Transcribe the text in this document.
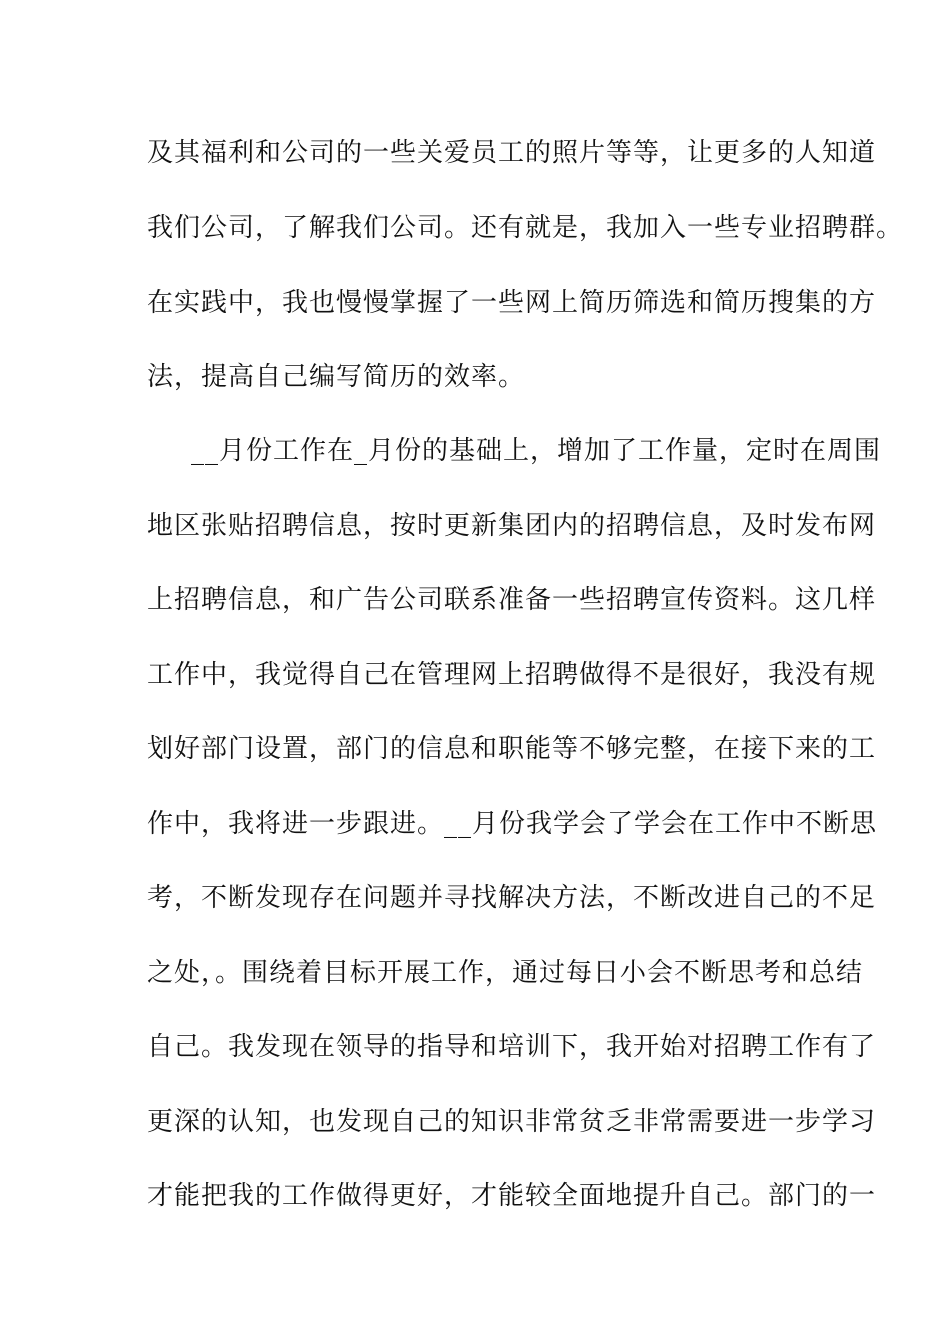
及其福利和公司的一些关爱员工的照片等等，让更多的人知道
我们公司，了解我们公司。还有就是，我加入一些专业招聘群。
在实践中，我也慢慢掌握了一些网上简历筛选和简历搜集的方
法，提高自己编写简历的效率。
__月份工作在_月份的基础上，增加了工作量，定时在周围
地区张贴招聘信息，按时更新集团内的招聘信息，及时发布网
上招聘信息，和广告公司联系准备一些招聘宣传资料。这几样
工作中，我觉得自己在管理网上招聘做得不是很好，我没有规
划好部门设置，部门的信息和职能等不够完整，在接下来的工
作中，我将进一步跟进。__月份我学会了学会在工作中不断思
考，不断发现存在问题并寻找解决方法，不断改进自己的不足
之处，。围绕着目标开展工作，通过每日小会不断思考和总结
自己。我发现在领导的指导和培训下，我开始对招聘工作有了
更深的认知，也发现自己的知识非常贫乏非常需要进一步学习
才能把我的工作做得更好，才能较全面地提升自己。部门的一
